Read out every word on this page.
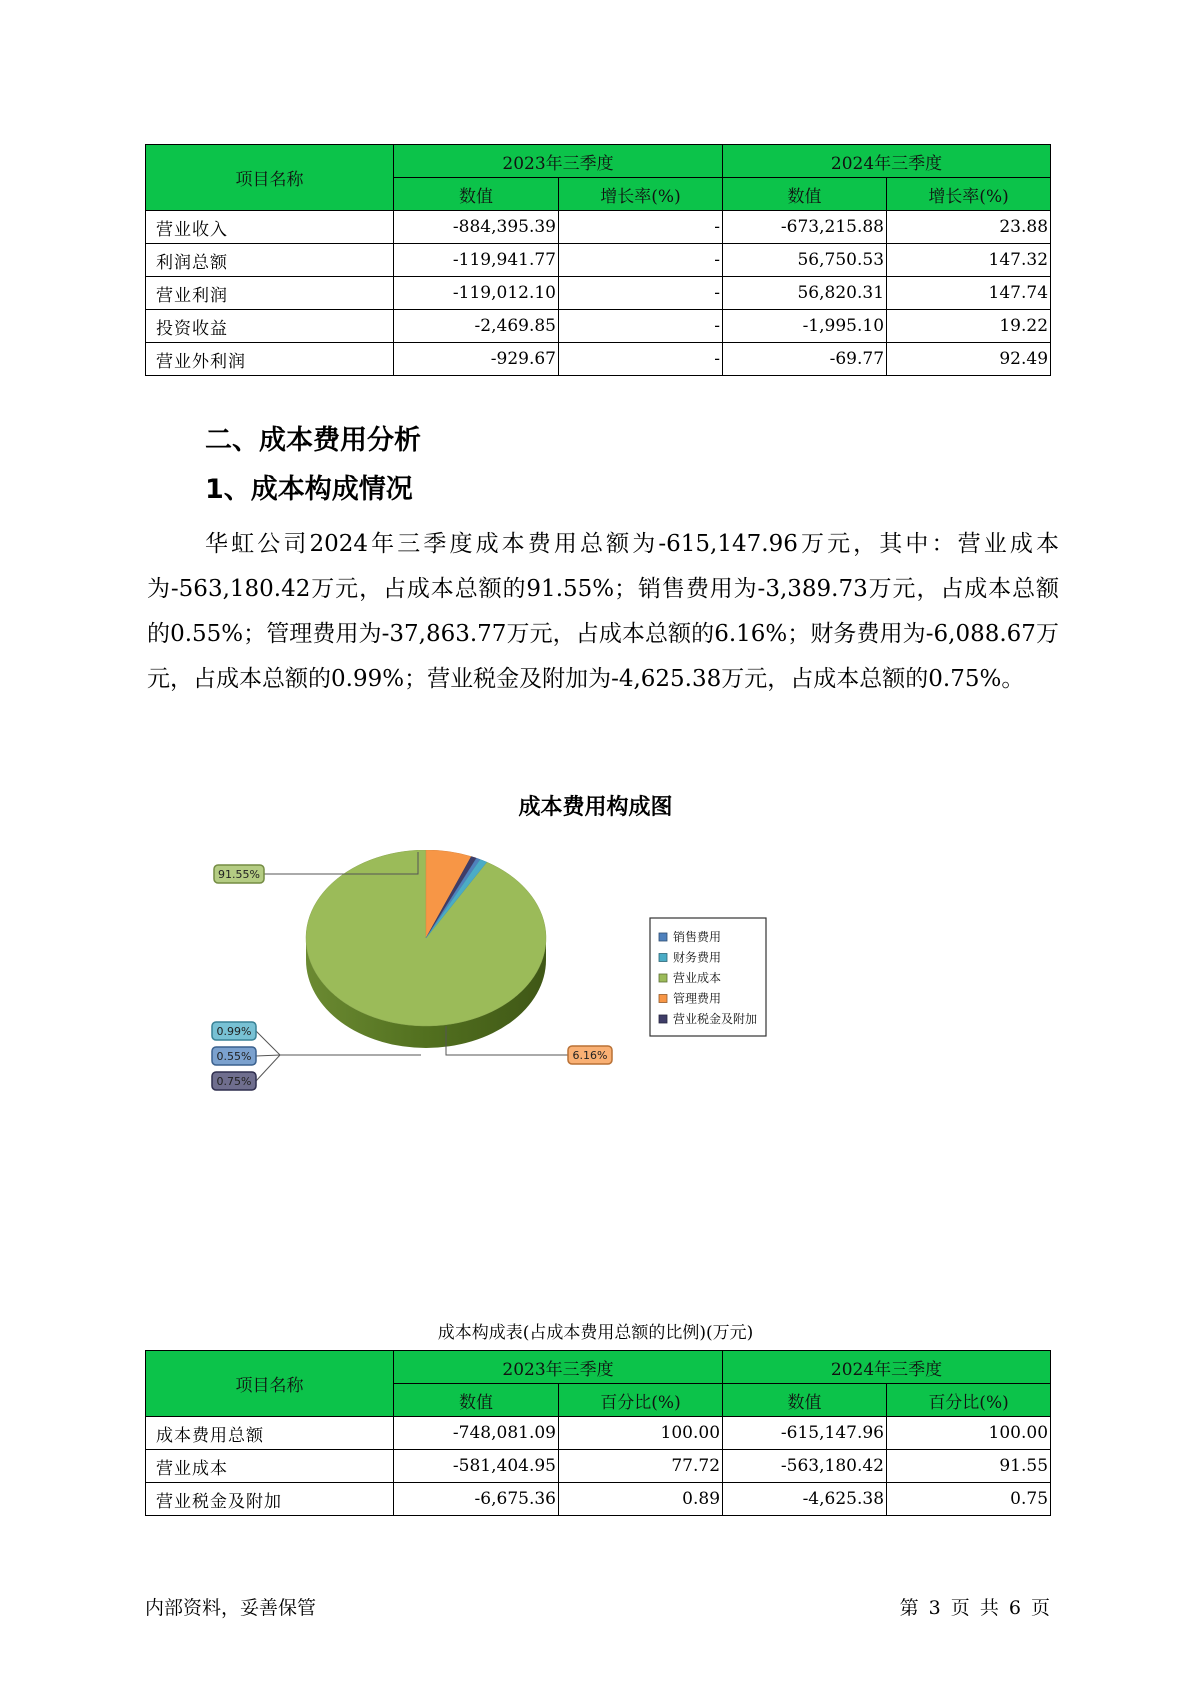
项目名称	2023年三季度		2024年三季度	
	数值	增长率(%)	数值	增长率(%)
营业收入	-884,395.39	-	-673,215.88	23.88
利润总额	-119,941.77	-	56,750.53	147.32
营业利润	-119,012.10	-	56,820.31	147.74
投资收益	-2,469.85	-	-1,995.10	19.22
营业外利润	-929.67	-	-69.77	92.49
二、成本费用分析
1、成本构成情况

华虹公司2024年三季度成本费用总额为-615,147.96万元，其中：营业成本为-563,180.42万元，占成本总额的91.55%；销售费用为-3,389.73万元，占成本总额的0.55%；管理费用为-37,863.77万元，占成本总额的6.16%；财务费用为-6,088.67万元，占成本总额的0.99%；营业税金及附加为-4,625.38万元，占成本总额的0.75%。

成本费用构成图
91.55%
6.16%
0.99%
0.55%
0.75%
销售费用
财务费用
营业成本
管理费用
营业税金及附加

成本构成表(占成本费用总额的比例)(万元)

项目名称	2023年三季度		2024年三季度	
	数值	百分比(%)	数值	百分比(%)
成本费用总额	-748,081.09	100.00	-615,147.96	100.00
营业成本	-581,404.95	77.72	-563,180.42	91.55
营业税金及附加	-6,675.36	0.89	-4,625.38	0.75
内部资料，妥善保管	第 3 页 共 6 页
